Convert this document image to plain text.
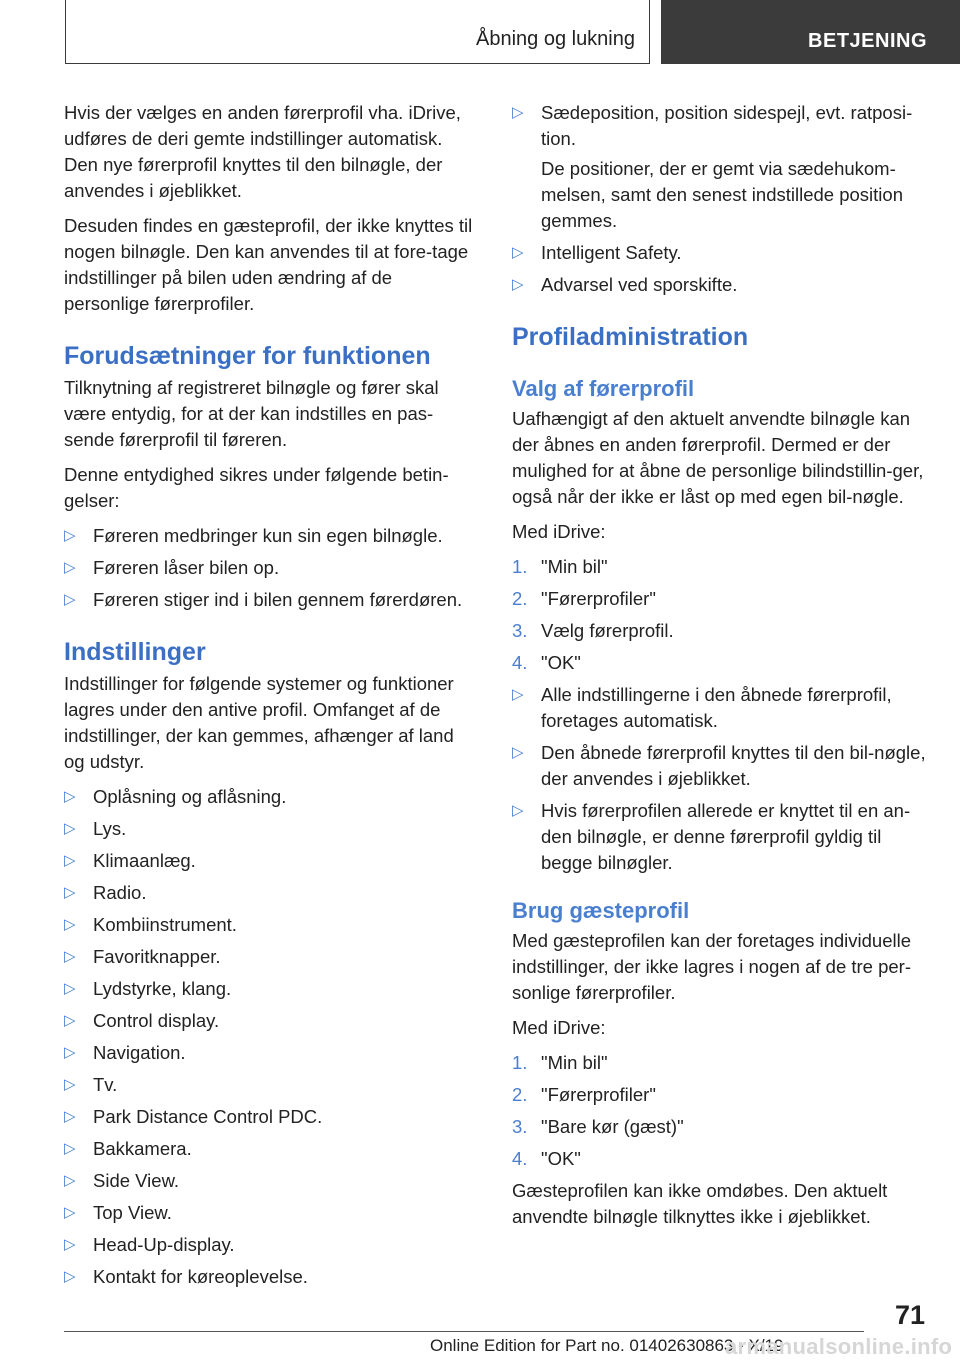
Åbning og lukning	BETJENING

Hvis der vælges en anden førerprofil vha. iDrive, udføres de deri gemte indstillinger automatisk. Den nye førerprofil knyttes til den bilnøgle, der anvendes i øjeblikket.

Desuden findes en gæsteprofil, der ikke knyttes til nogen bilnøgle. Den kan anvendes til at fore‐tage indstillinger på bilen uden ændring af de personlige førerprofiler.

Forudsætninger for funktionen

Tilknytning af registreret bilnøgle og fører skal være entydig, for at der kan indstilles en pas‐sende førerprofil til føreren.

Denne entydighed sikres under følgende betin‐gelser:

▷ Føreren medbringer kun sin egen bilnøgle.
▷ Føreren låser bilen op.
▷ Føreren stiger ind i bilen gennem førerdøren.
Indstillinger

Indstillinger for følgende systemer og funktioner lagres under den antive profil. Omfanget af de indstillinger, der kan gemmes, afhænger af land og udstyr.

▷ Oplåsning og aflåsning.
▷ Lys.
▷ Klimaanlæg.
▷ Radio.
▷ Kombiinstrument.
▷ Favoritknapper.
▷ Lydstyrke, klang.
▷ Control display.
▷ Navigation.
▷ Tv.
▷ Park Distance Control PDC.
▷ Bakkamera.
▷ Side View.
▷ Top View.
▷ Head-Up-display.
▷ Kontakt for køreoplevelse.
▷ Sædeposition, position sidespejl, evt. ratposi‐tion.
De positioner, der er gemt via sædehukom‐melsen, samt den senest indstillede position gemmes.
▷ Intelligent Safety.
▷ Advarsel ved sporskifte.
Profiladministration
Valg af førerprofil

Uafhængigt af den aktuelt anvendte bilnøgle kan der åbnes en anden førerprofil. Dermed er der mulighed for at åbne de personlige bilindstillin‐ger, også når der ikke er låst op med egen bil‐nøgle.

Med iDrive:

1. "Min bil"
2. "Førerprofiler"
3. Vælg førerprofil.
4. "OK"
▷ Alle indstillingerne i den åbnede førerprofil, foretages automatisk.
▷ Den åbnede førerprofil knyttes til den bil‐nøgle, der anvendes i øjeblikket.
▷ Hvis førerprofilen allerede er knyttet til en an‐den bilnøgle, er denne førerprofil gyldig til begge bilnøgler.
Brug gæsteprofil

Med gæsteprofilen kan der foretages individuelle indstillinger, der ikke lagres i nogen af de tre per‐sonlige førerprofiler.

Med iDrive:

1. "Min bil"
2. "Førerprofiler"
3. "Bare kør (gæst)"
4. "OK"

Gæsteprofilen kan ikke omdøbes. Den aktuelt anvendte bilnøgle tilknyttes ikke i øjeblikket.

71
Online Edition for Part no. 01402630863 - X/19
armanualsonline.info
